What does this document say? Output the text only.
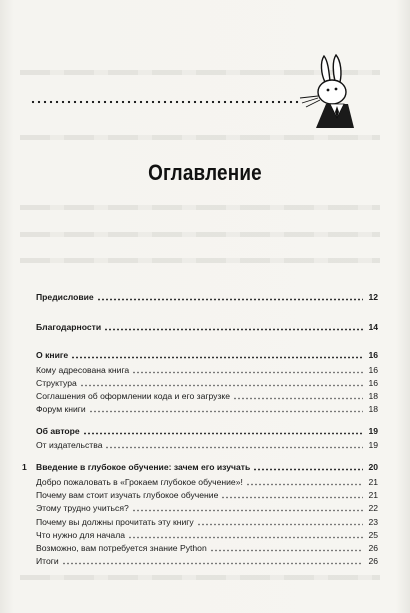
Оглавление
Предисловие	12
Благодарности	14
О книге	16
Кому адресована книга	16
Структура	16
Соглашения об оформлении кода и его загрузке	18
Форум книги	18
Об авторе	19
От издательства	19
1	Введение в глубокое обучение: зачем его изучать	20
Добро пожаловать в «Грокаем глубокое обучение»!	21
Почему вам стоит изучать глубокое обучение	21
Этому трудно учиться?	22
Почему вы должны прочитать эту книгу	23
Что нужно для начала	25
Возможно, вам потребуется знание Python	26
Итоги	26
